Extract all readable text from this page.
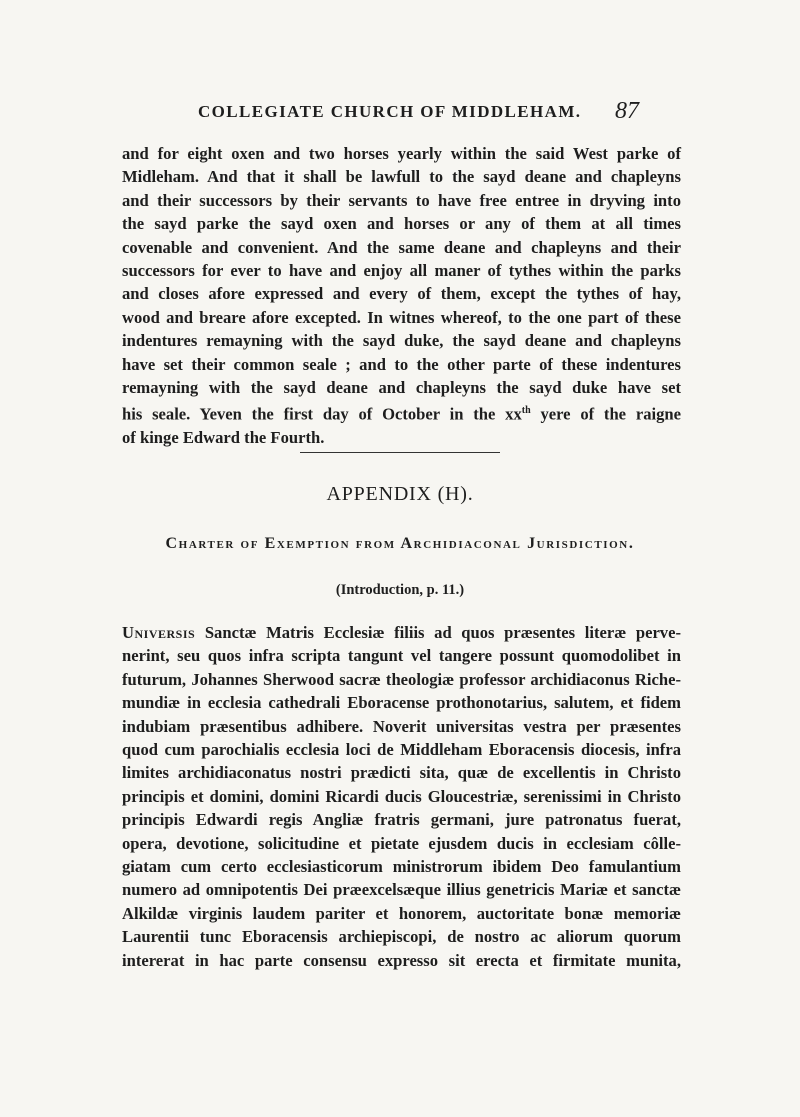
COLLEGIATE CHURCH OF MIDDLEHAM. 87
and for eight oxen and two horses yearly within the said West parke of
Midleham. And that it shall be lawfull to the sayd deane and chapleyns
and their successors by their servants to have free entree in dryving into
the sayd parke the sayd oxen and horses or any of them at all times
covenable and convenient. And the same deane and chapleyns and their
successors for ever to have and enjoy all maner of tythes within the parks
and closes afore expressed and every of them, except the tythes of hay,
wood and breare afore excepted. In witnes whereof, to the one part of these
indentures remayning with the sayd duke, the sayd deane and chapleyns
have set their common seale ; and to the other parte of these indentures
remayning with the sayd deane and chapleyns the sayd duke have set
his seale. Yeven the first day of October in the $xx^{th}$ yere of the raigne
of kinge Edward the Fourth.
APPENDIX (H).
Charter of Exemption from Archidiaconal Jurisdiction.
(Introduction, p. 11.)
Universis Sanctæ Matris Ecclesiæ filiis ad quos præsentes literæ perve-
nerint, seu quos infra scripta tangunt vel tangere possunt quomodolibet in
futurum, Johannes Sherwood sacræ theologiæ professor archidiaconus Riche-
mundiæ in ecclesia cathedrali Eboracense prothonotarius, salutem, et fidem
indubiam præsentibus adhibere. Noverit universitas vestra per præsentes
quod cum parochialis ecclesia loci de Middleham Eboracensis diocesis, infra
limites archidiaconatus nostri prædicti sita, quæ de excellentis in Christo
principis et domini, domini Ricardi ducis Gloucestriæ, serenissimi in Christo
principis Edwardi regis Angliæ fratris germani, jure patronatus fuerat,
opera, devotione, solicitudine et pietate ejusdem ducis in ecclesiam côlle-
giatam cum certo ecclesiasticorum ministrorum ibidem Deo famulantium
numero ad omnipotentis Dei præexcelsæque illius genetricis Mariæ et sanctæ
Alkildæ virginis laudem pariter et honorem, auctoritate bonæ memoriæ
Laurentii tunc Eboracensis archiepiscopi, de nostro ac aliorum quorum
intererat in hac parte consensu expresso sit erecta et firmitate munita,
